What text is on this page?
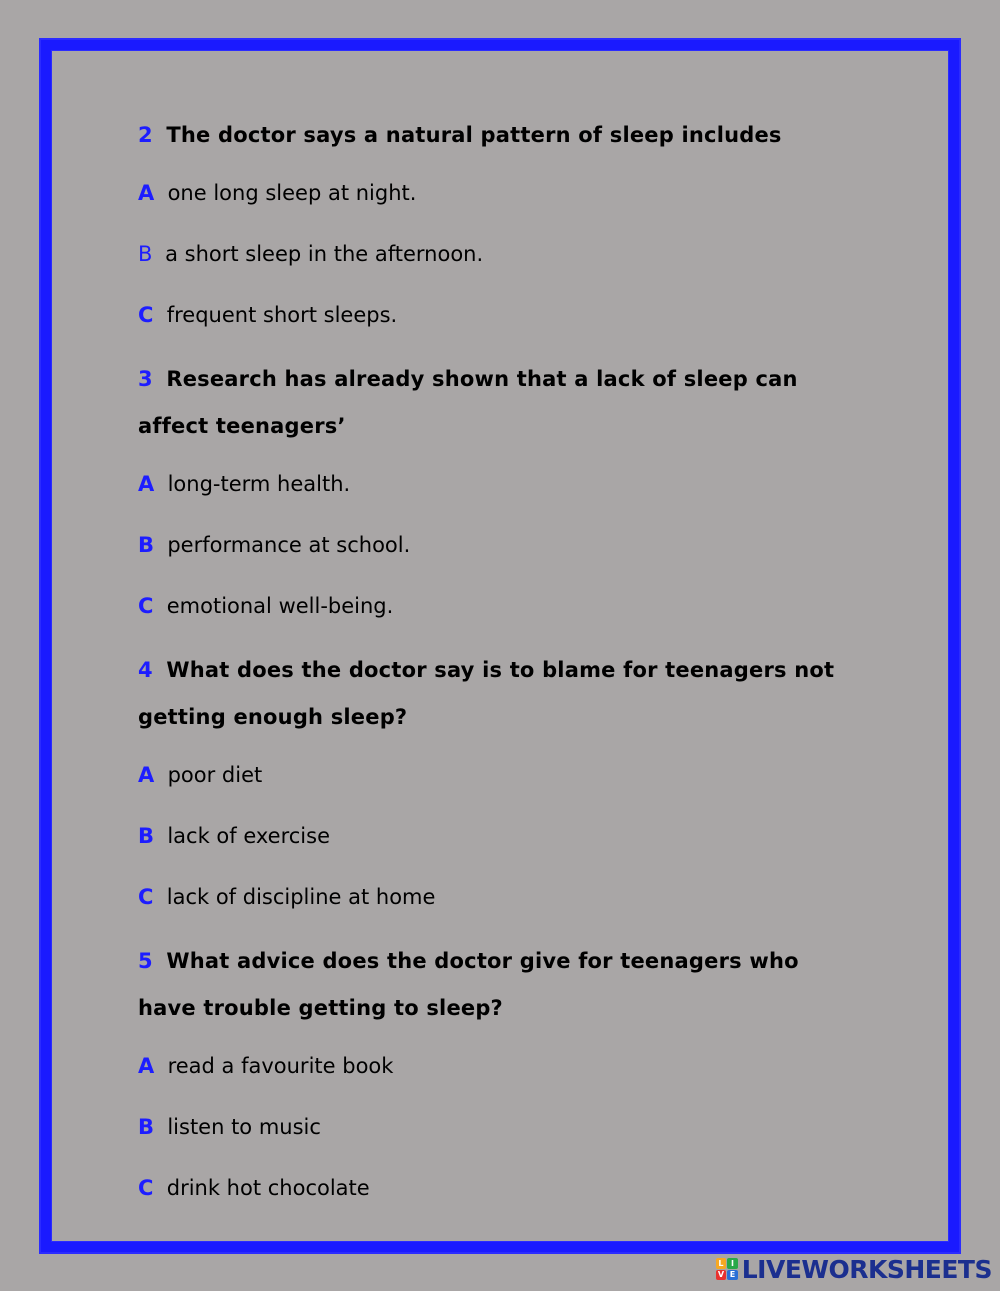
2 The doctor says a natural pattern of sleep includes
A one long sleep at night.
B a short sleep in the afternoon.
C frequent short sleeps.
3 Research has already shown that a lack of sleep can affect teenagers’
A long-term health.
B performance at school.
C emotional well-being.
4 What does the doctor say is to blame for teenagers not getting enough sleep?
A poor diet
B lack of exercise
C lack of discipline at home
5 What advice does the doctor give for teenagers who have trouble getting to sleep?
A read a favourite book
B listen to music
C drink hot chocolate
L I
V E LIVEWORKSHEETS
